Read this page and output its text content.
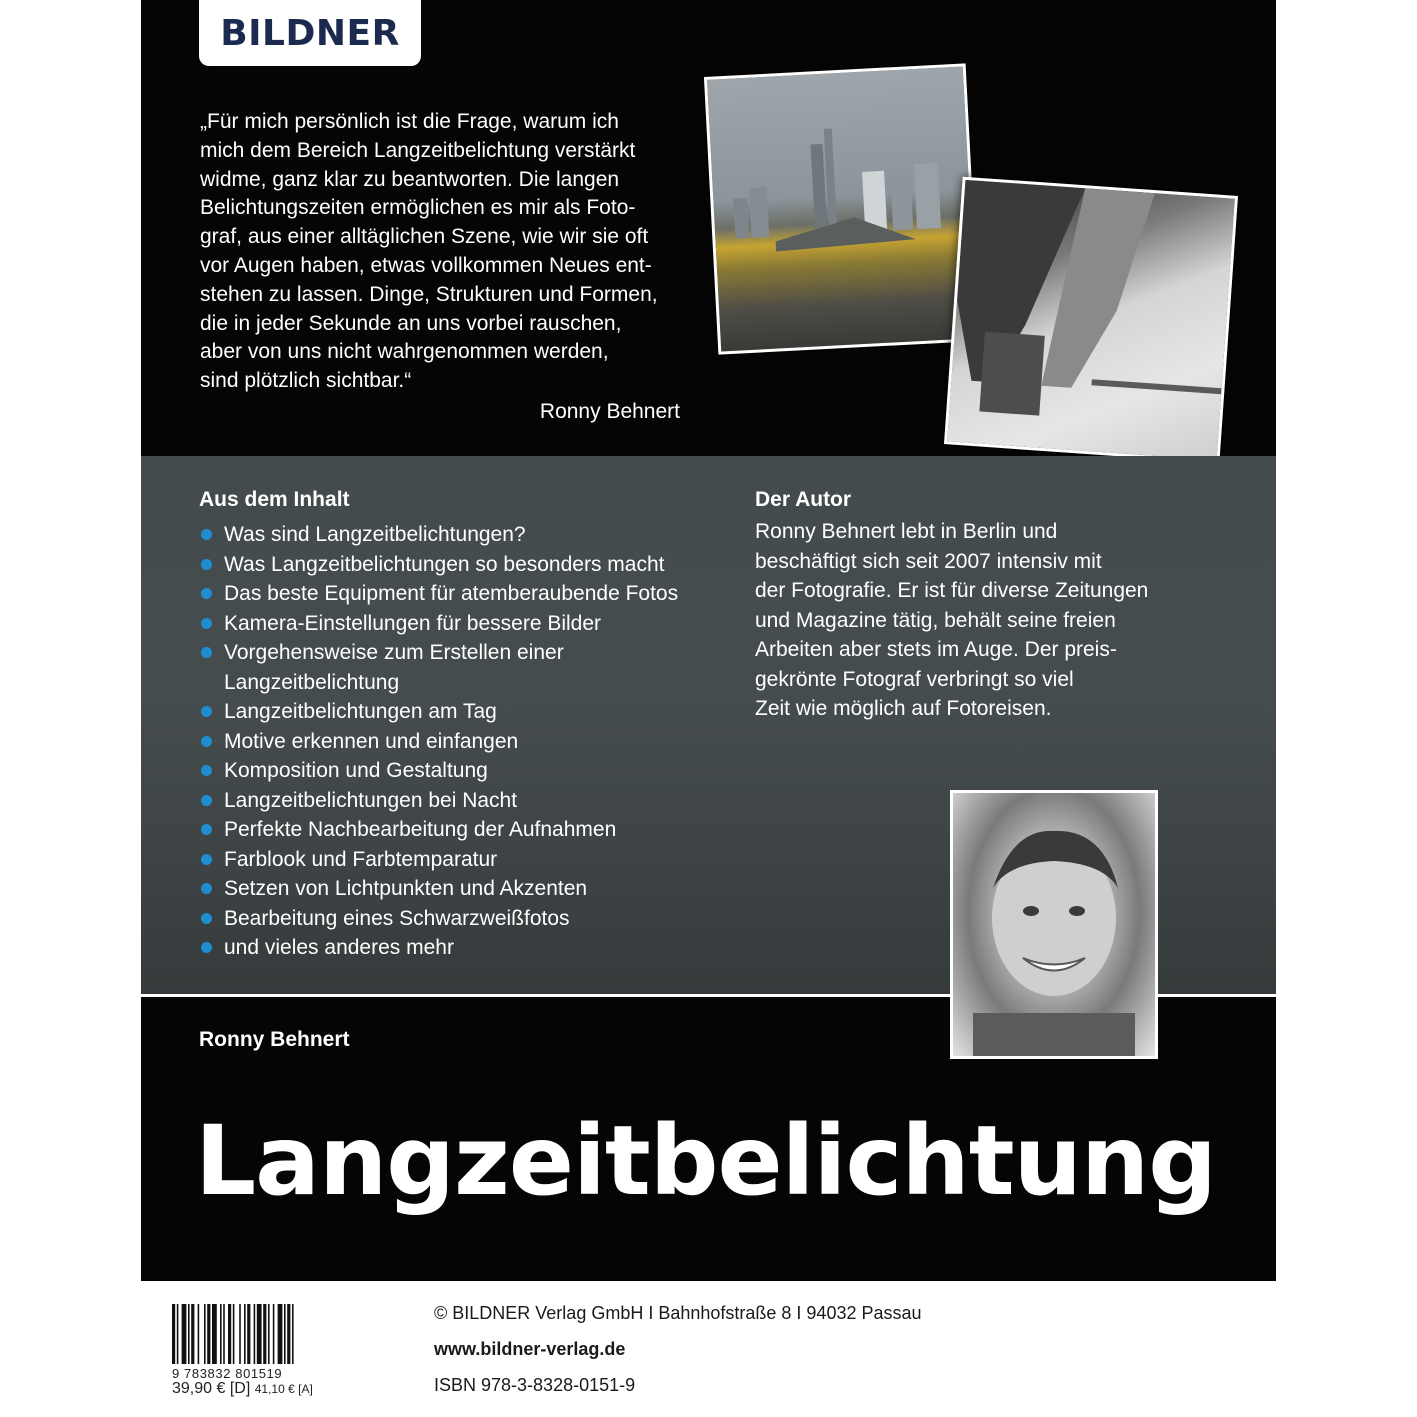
BILDNER
„Für mich persönlich ist die Frage, warum ich
mich dem Bereich Langzeitbelichtung verstärkt
widme, ganz klar zu beantworten. Die langen
Belichtungszeiten ermöglichen es mir als Foto-
graf, aus einer alltäglichen Szene, wie wir sie oft
vor Augen haben, etwas vollkommen Neues ent-
stehen zu lassen. Dinge, Strukturen und Formen,
die in jeder Sekunde an uns vorbei rauschen,
aber von uns nicht wahrgenommen werden,
sind plötzlich sichtbar.“
Ronny Behnert
Aus dem Inhalt
Was sind Langzeitbelichtungen?
Was Langzeitbelichtungen so besonders macht
Das beste Equipment für atemberaubende Fotos
Kamera-Einstellungen für bessere Bilder
Vorgehensweise zum Erstellen einer Langzeitbelichtung
Langzeitbelichtungen am Tag
Motive erkennen und einfangen
Komposition und Gestaltung
Langzeitbelichtungen bei Nacht
Perfekte Nachbearbeitung der Aufnahmen
Farblook und Farbtemparatur
Setzen von Lichtpunkten und Akzenten
Bearbeitung eines Schwarzweißfotos
und vieles anderes mehr
Der Autor
Ronny Behnert lebt in Berlin und
beschäftigt sich seit 2007 intensiv mit
der Fotografie. Er ist für diverse Zeitungen
und Magazine tätig, behält seine freien
Arbeiten aber stets im Auge. Der preis-
gekrönte Fotograf verbringt so viel
Zeit wie möglich auf Fotoreisen.
Ronny Behnert
Langzeitbelichtung
9 783832 801519
39,90 € [D] 41,10 € [A]
© BILDNER Verlag GmbH I Bahnhofstraße 8 I 94032 Passau
www.bildner-verlag.de
ISBN 978-3-8328-0151-9
